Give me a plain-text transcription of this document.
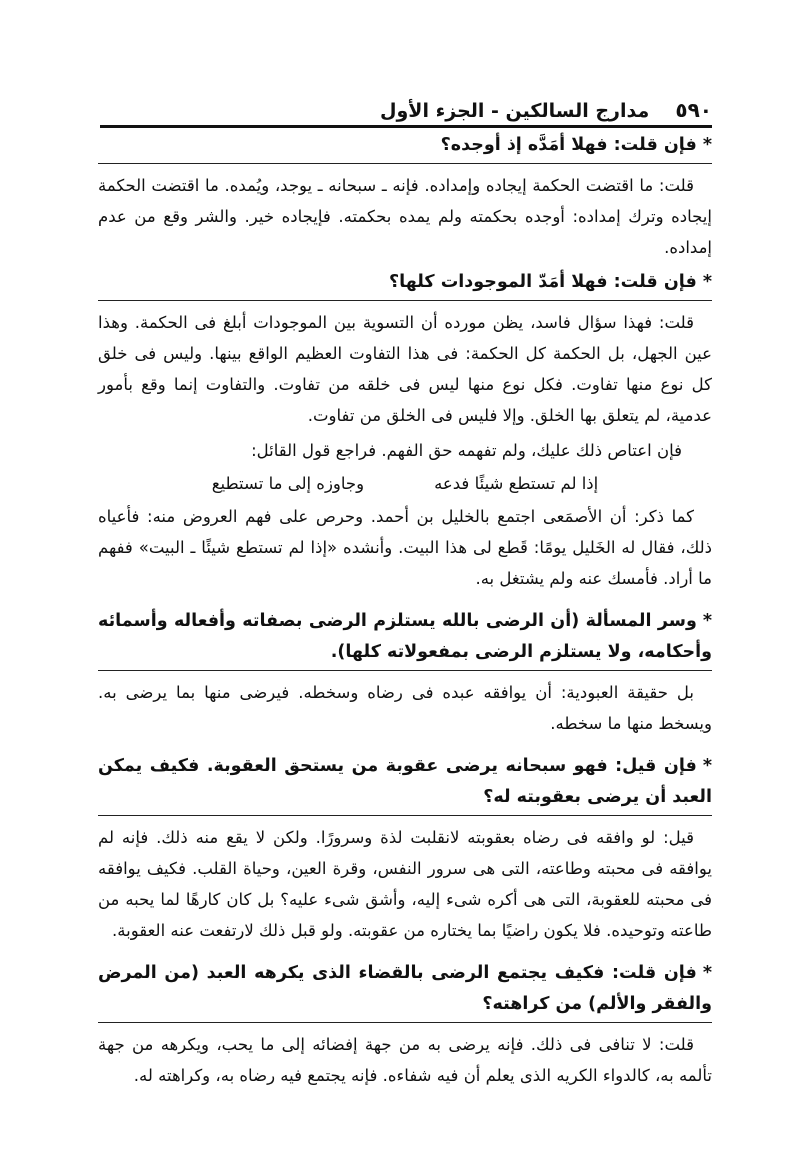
٥٩٠
مدارج السالكين - الجزء الأول

*فإن قلت: فهلا أمَدَّه إذ أوجده؟

قلت: ما اقتضت الحكمة إيجاده وإمداده. فإنه ـ سبحانه ـ يوجد، ويُمده. ما اقتضت الحكمة إيجاده وترك إمداده: أوجده بحكمته ولم يمده بحكمته. فإيجاده خير. والشر وقع من عدم إمداده.

*فإن قلت: فهلا أمَدّ الموجودات كلها؟

قلت: فهذا سؤال فاسد، يظن مورده أن التسوية بين الموجودات أبلغ فى الحكمة. وهذا عين الجهل، بل الحكمة كل الحكمة: فى هذا التفاوت العظيم الواقع بينها. وليس فى خلق كل نوع منها تفاوت. فكل نوع منها ليس فى خلقه من تفاوت. والتفاوت إنما وقع بأمور عدمية، لم يتعلق بها الخلق. وإلا فليس فى الخلق من تفاوت.

فإن اعتاص ذلك عليك، ولم تفهمه حق الفهم. فراجع قول القائل:

إذا لم تستطع شيئًا فدعه
وجاوزه إلى ما تستطيع

كما ذكر: أن الأصمَعى اجتمع بالخليل بن أحمد. وحرص على فهم العروض منه: فأعياه ذلك، فقال له الخَليل يومًا: قَطع لى هذا البيت. وأنشده «إذا لم تستطع شيئًا ـ البيت» ففهم ما أراد. فأمسك عنه ولم يشتغل به.

*وسر المسألة (أن الرضى بالله يستلزم الرضى بصفاته وأفعاله وأسمائه وأحكامه، ولا يستلزم الرضى بمفعولاته كلها).

بل حقيقة العبودية: أن يوافقه عبده فى رضاه وسخطه. فيرضى منها بما يرضى به. ويسخط منها ما سخطه.

*فإن قيل: فهو سبحانه يرضى عقوبة من يستحق العقوبة. فكيف يمكن العبد أن يرضى بعقوبته له؟

قيل: لو وافقه فى رضاه بعقوبته لانقلبت لذة وسرورًا. ولكن لا يقع منه ذلك. فإنه لم يوافقه فى محبته وطاعته، التى هى سرور النفس، وقرة العين، وحياة القلب. فكيف يوافقه فى محبته للعقوبة، التى هى أكره شىء إليه، وأشق شىء عليه؟ بل كان كارهًا لما يحبه من طاعته وتوحيده. فلا يكون راضيًا بما يختاره من عقوبته. ولو قبل ذلك لارتفعت عنه العقوبة.

*فإن قلت: فكيف يجتمع الرضى بالقضاء الذى يكرهه العبد (من المرض والفقر والألم) من كراهته؟

قلت: لا تنافى فى ذلك. فإنه يرضى به من جهة إفضائه إلى ما يحب، ويكرهه من جهة تألمه به، كالدواء الكريه الذى يعلم أن فيه شفاءه. فإنه يجتمع فيه رضاه به، وكراهته له.
